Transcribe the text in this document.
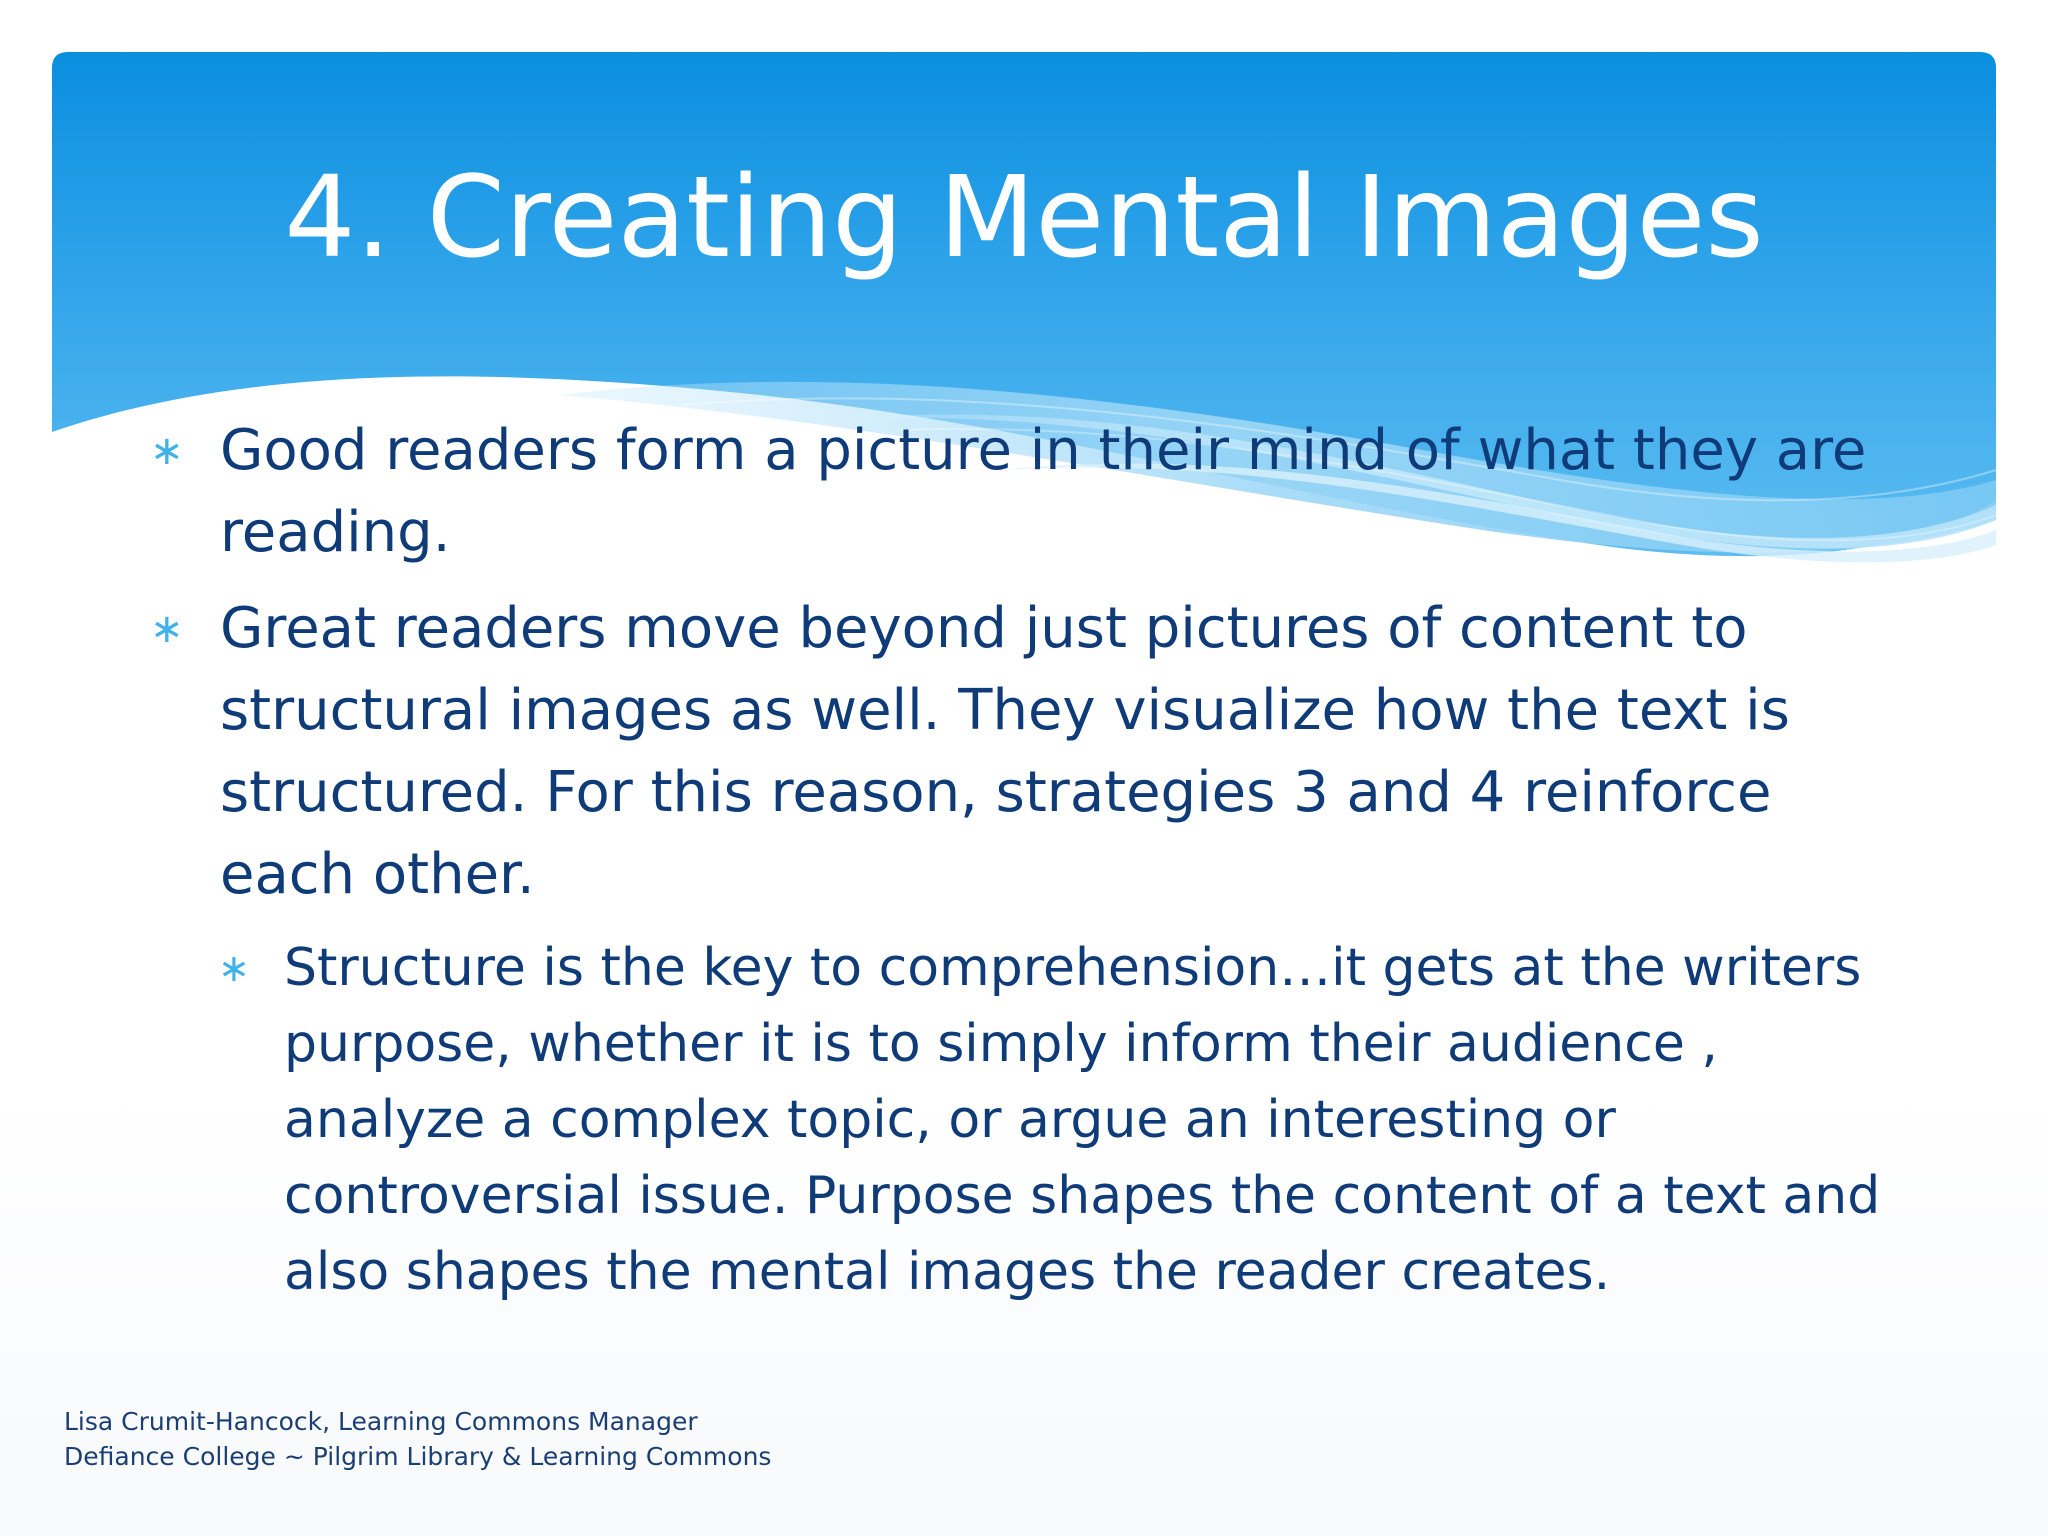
4. Creating Mental Images
∗ Good readers form a picture in their mind of what they are reading.
∗ Great readers move beyond just pictures of content to structural images as well. They visualize how the text is structured. For this reason, strategies 3 and 4 reinforce each other.
∗ Structure is the key to comprehension…it gets at the writers purpose, whether it is to simply inform their audience , analyze a complex topic, or argue an interesting or controversial issue. Purpose shapes the content of a text and also shapes the mental images the reader creates.
Lisa Crumit-Hancock, Learning Commons Manager
Defiance College ~ Pilgrim Library & Learning Commons
